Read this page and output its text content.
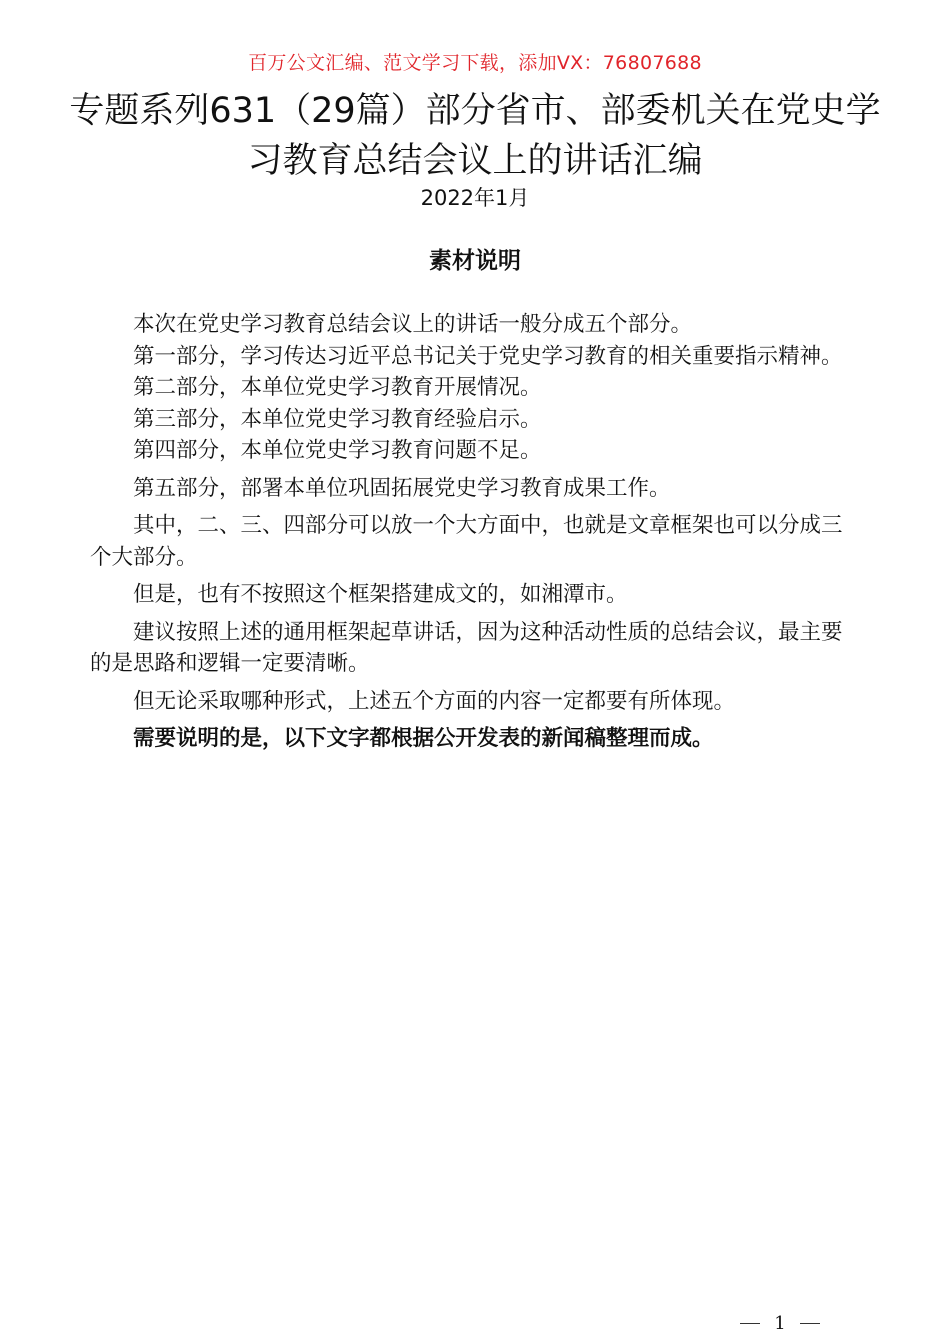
百万公文汇编、范文学习下载，添加VX：76807688
专题系列631（29篇）部分省市、部委机关在党史学习教育总结会议上的讲话汇编
2022年1月
素材说明

本次在党史学习教育总结会议上的讲话一般分成五个部分。

第一部分，学习传达习近平总书记关于党史学习教育的相关重要指示精神。

第二部分，本单位党史学习教育开展情况。

第三部分，本单位党史学习教育经验启示。

第四部分，本单位党史学习教育问题不足。

第五部分，部署本单位巩固拓展党史学习教育成果工作。

其中，二、三、四部分可以放一个大方面中，也就是文章框架也可以分成三个大部分。

但是，也有不按照这个框架搭建成文的，如湘潭市。

建议按照上述的通用框架起草讲话，因为这种活动性质的总结会议，最主要的是思路和逻辑一定要清晰。

但无论采取哪种形式，上述五个方面的内容一定都要有所体现。

需要说明的是，以下文字都根据公开发表的新闻稿整理而成。

1
